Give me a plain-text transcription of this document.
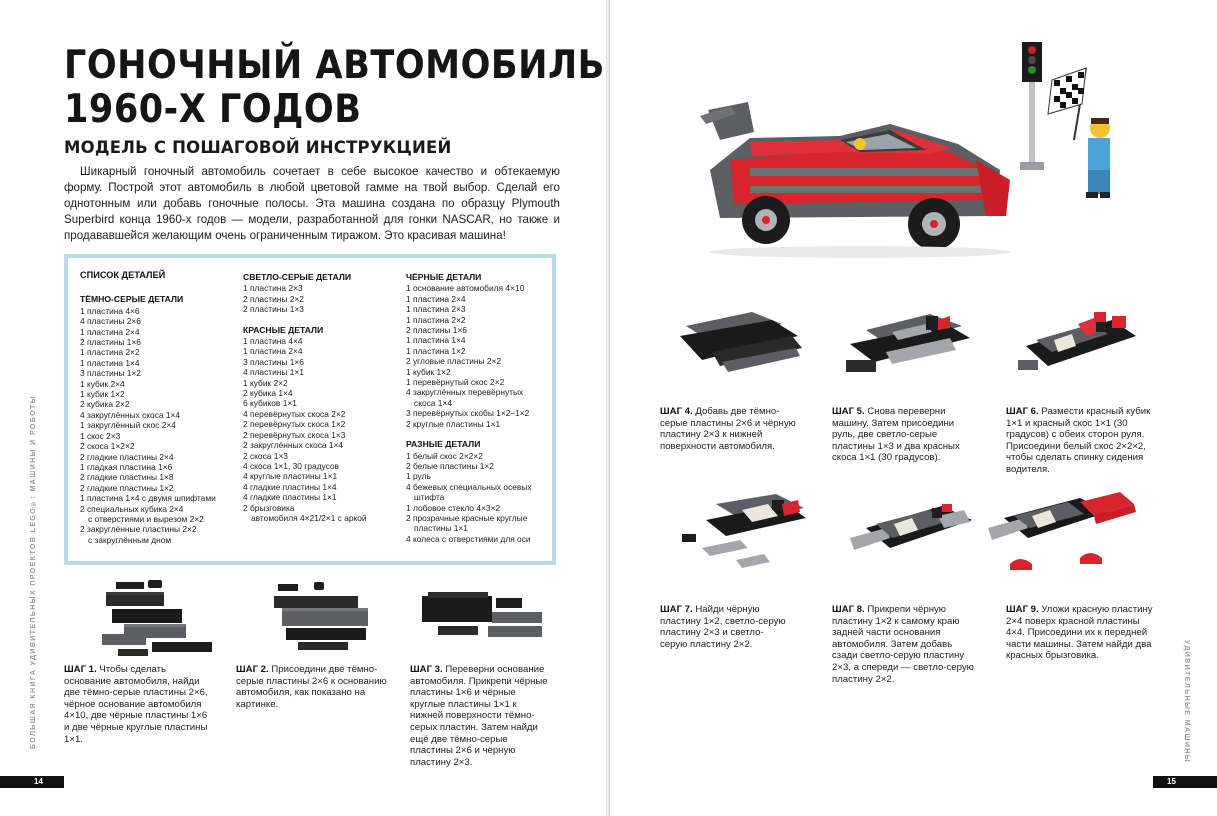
ГОНОЧНЫЙ АВТОМОБИЛЬ
1960-Х ГОДОВ
МОДЕЛЬ С ПОШАГОВОЙ ИНСТРУКЦИЕЙ

Шикарный гоночный автомобиль сочетает в себе высокое качество и обтекаемую форму. Построй этот автомобиль в любой цветовой гамме на твой выбор. Сделай его однотонным или добавь гоночные полосы. Эта машина создана по образцу Plymouth Superbird конца 1960-х годов — модели, разработанной для гонки NASCAR, но также и продававшейся желающим очень ограниченным тиражом. Это красивая машина!

СПИСОК ДЕТАЛЕЙ
ТЁМНО-СЕРЫЕ ДЕТАЛИ
1 пластина 4×6
4 пластины 2×6
1 пластина 2×4
2 пластины 1×6
1 пластина 2×2
1 пластина 1×4
3 пластины 1×2
1 кубик 2×4
1 кубик 1×2
2 кубика 2×2
4 закруглённых скоса 1×4
1 закруглённый скос 2×4
1 скос 2×3
2 скоса 1×2×2
2 гладкие пластины 2×4
1 гладкая пластина 1×6
2 гладкие пластины 1×8
2 гладкие пластины 1×2
1 пластина 1×4 с двумя шпифтами
2 специальных кубика 2×4
с отверстиями и вырезом 2×2
2 закруглённые пластины 2×2
с закруглённым дном
СВЕТЛО-СЕРЫЕ ДЕТАЛИ
1 пластина 2×3
2 пластины 2×2
2 пластины 1×3
КРАСНЫЕ ДЕТАЛИ
1 пластина 4×4
1 пластина 2×4
3 пластины 1×6
4 пластины 1×1
1 кубик 2×2
2 кубика 1×4
6 кубиков 1×1
4 перевёрнутых скоса 2×2
2 перевёрнутых скоса 1×2
2 перевёрнутых скоса 1×3
2 закруглённых скоса 1×4
2 скоса 1×3
4 скоса 1×1, 30 градусов
4 круглые пластины 1×1
4 гладкие пластины 1×4
4 гладкие пластины 1×1
2 брызговика
автомобиля 4×21/2×1 с аркой
ЧЁРНЫЕ ДЕТАЛИ
1 основание автомобиля 4×10
1 пластина 2×4
1 пластина 2×3
1 пластина 2×2
2 пластины 1×6
1 пластина 1×4
1 пластина 1×2
2 угловые пластины 2×2
1 кубик 1×2
1 перевёрнутый скос 2×2
4 закруглённых перевёрнутых
скоса 1×4
3 перевёрнутых скобы 1×2–1×2
2 круглые пластины 1×1
РАЗНЫЕ ДЕТАЛИ
1 белый скос 2×2×2
2 белые пластины 1×2
1 руль
4 бежевых специальных осевых
штифта
1 лобовое стекло 4×3×2
2 прозрачные красные круглые
пластины 1×1
4 колеса с отверстиями для оси
ШАГ 1. Чтобы сделать основание автомобиля, найди две тёмно-серые пластины 2×6, чёрное основание автомобиля 4×10, две чёрные пластины 1×6 и две чёрные круглые пластины 1×1.
ШАГ 2. Присоедини две тёмно-серые пластины 2×6 к основанию автомобиля, как показано на картинке.
ШАГ 3. Переверни основание автомобиля. Прикрепи чёрные пластины 1×6 и чёрные круглые пластины 1×1 к нижней поверхности тёмно-серых пластин. Затем найди ещё две тёмно-серые пластины 2×6 и чёрную пластину 2×3.
БОЛЬШАЯ КНИГА УДИВИТЕЛЬНЫХ ПРОЕКТОВ LEGO®: МАШИНЫ И РОБОТЫ
14
ШАГ 4. Добавь две тёмно-серые пластины 2×6 и чёрную пластину 2×3 к нижней поверхности автомобиля.
ШАГ 5. Снова переверни машину. Затем присоедини руль, две светло-серые пластины 1×3 и два красных скоса 1×1 (30 градусов).
ШАГ 6. Размести красный кубик 1×1 и красный скос 1×1 (30 градусов) с обеих сторон руля. Присоедини белый скос 2×2×2, чтобы сделать спинку сидения водителя.
ШАГ 7. Найди чёрную пластину 1×2, светло-серую пластину 2×3 и светло-серую пластину 2×2.
ШАГ 8. Прикрепи чёрную пластину 1×2 к самому краю задней части основания автомобиля. Затем добавь сзади светло-серую пластину 2×3, а спереди — светло-серую пластину 2×2.
ШАГ 9. Уложи красную пластину 2×4 поверх красной пластины 4×4. Присоедини их к передней части машины. Затем найди два красных брызговика.	УДИВИТЕЛЬНЫЕ МАШИНЫ
15
